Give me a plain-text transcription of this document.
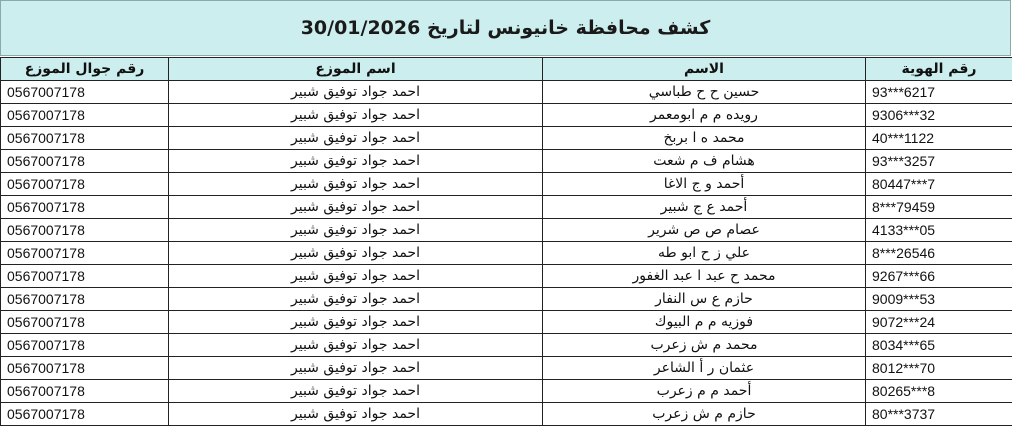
كشف محافظة خانيونس لتاريخ 30/01/2026
رقم جوال الموزع	اسم الموزع	الاسم	رقم الهوية
0567007178	احمد جواد توفيق شبير	حسين ح ح طباسي	93***6217
0567007178	احمد جواد توفيق شبير	رويده م م ابومعمر	9306***32
0567007178	احمد جواد توفيق شبير	محمد ه ا بربخ	40***1122
0567007178	احمد جواد توفيق شبير	هشام ف م شعت	93***3257
0567007178	احمد جواد توفيق شبير	أحمد و ج الاغا	80447***7
0567007178	احمد جواد توفيق شبير	أحمد ع ج شبير	8***79459
0567007178	احمد جواد توفيق شبير	عصام ص ص شرير	4133***05
0567007178	احمد جواد توفيق شبير	علي ز ح ابو طه	8***26546
0567007178	احمد جواد توفيق شبير	محمد ح عبد ا عبد الغفور	9267***66
0567007178	احمد جواد توفيق شبير	حازم ع س النفار	9009***53
0567007178	احمد جواد توفيق شبير	فوزيه م م البيوك	9072***24
0567007178	احمد جواد توفيق شبير	محمد م ش زعرب	8034***65
0567007178	احمد جواد توفيق شبير	عثمان ر أ الشاعر	8012***70
0567007178	احمد جواد توفيق شبير	أحمد م م زعرب	80265***8
0567007178	احمد جواد توفيق شبير	حازم م ش زعرب	80***3737
